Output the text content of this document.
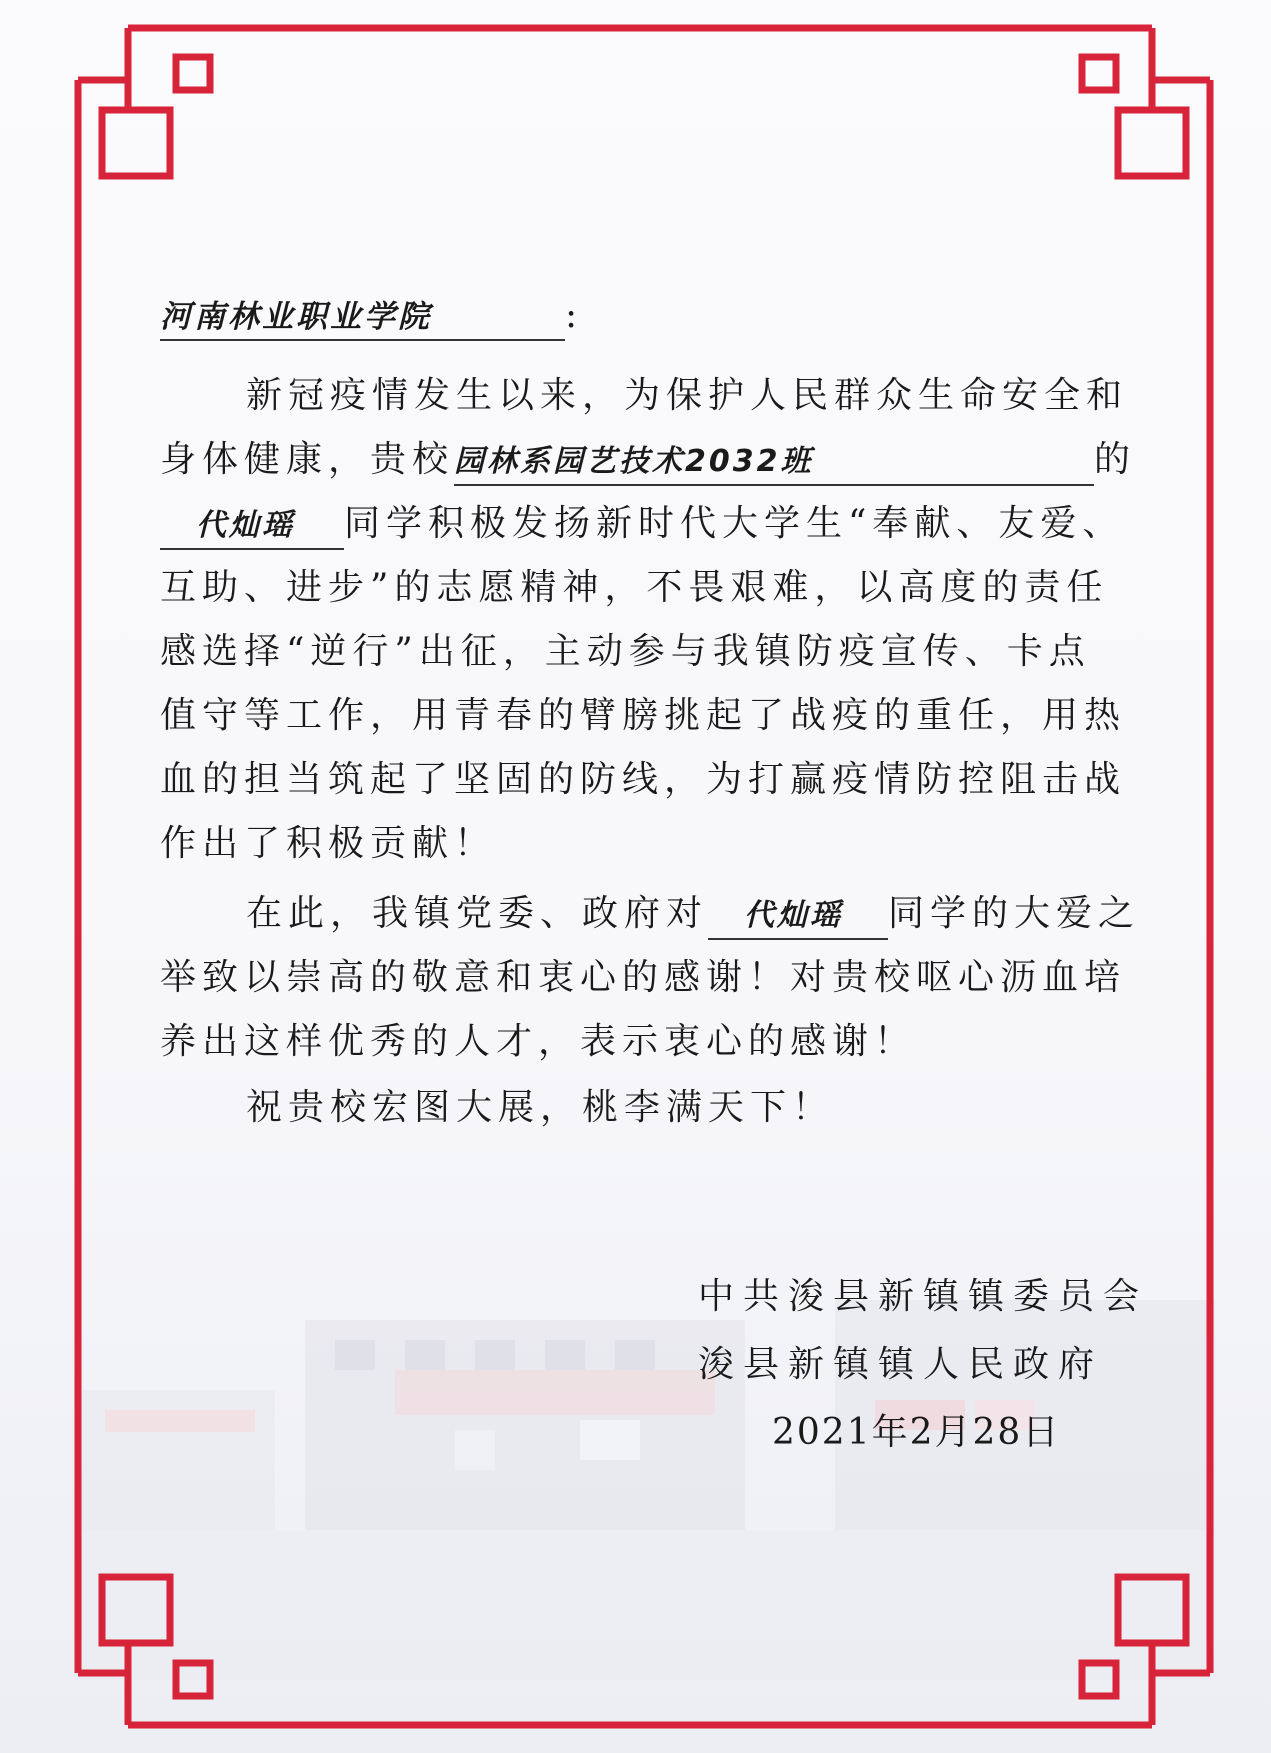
河南林业职业学院	:
新冠疫情发生以来，为保护人民群众生命安全和
身体健康，贵校园林系园艺技术2032班	的
代灿瑶 同学积极发扬新时代大学生“奉献、友爱、
互助、进步”的志愿精神，不畏艰难，以高度的责任
感选择“逆行”出征，主动参与我镇防疫宣传、卡点
值守等工作，用青春的臂膀挑起了战疫的重任，用热
血的担当筑起了坚固的防线，为打赢疫情防控阻击战
作出了积极贡献！
在此，我镇党委、政府对 代灿瑶 同学的大爱之
举致以崇高的敬意和衷心的感谢！对贵校呕心沥血培
养出这样优秀的人才，表示衷心的感谢！
祝贵校宏图大展，桃李满天下！
中共浚县新镇镇委员会
浚县新镇镇人民政府
2021年2月28日
